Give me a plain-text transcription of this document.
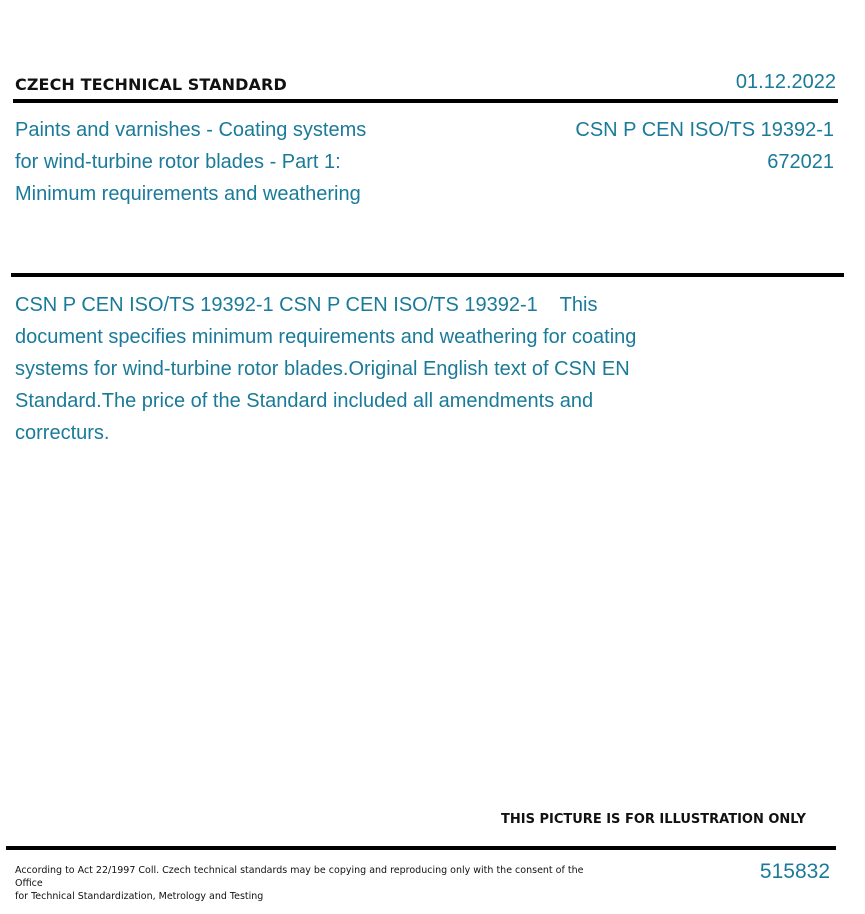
CZECH TECHNICAL STANDARD	01.12.2022
Paints and varnishes - Coating systems
for wind-turbine rotor blades - Part 1:
Minimum requirements and weathering
CSN P CEN ISO/TS 19392-1
672021
CSN P CEN ISO/TS 19392-1 CSN P CEN ISO/TS 19392-1    This document specifies minimum requirements and weathering for coating systems for wind-turbine rotor blades.Original English text of CSN EN Standard.The price of the Standard included all amendments and correcturs.
THIS PICTURE IS FOR ILLUSTRATION ONLY
According to Act 22/1997 Coll. Czech technical standards may be copying and reproducing only with the consent of the Office
for Technical Standardization, Metrology and Testing
515832
